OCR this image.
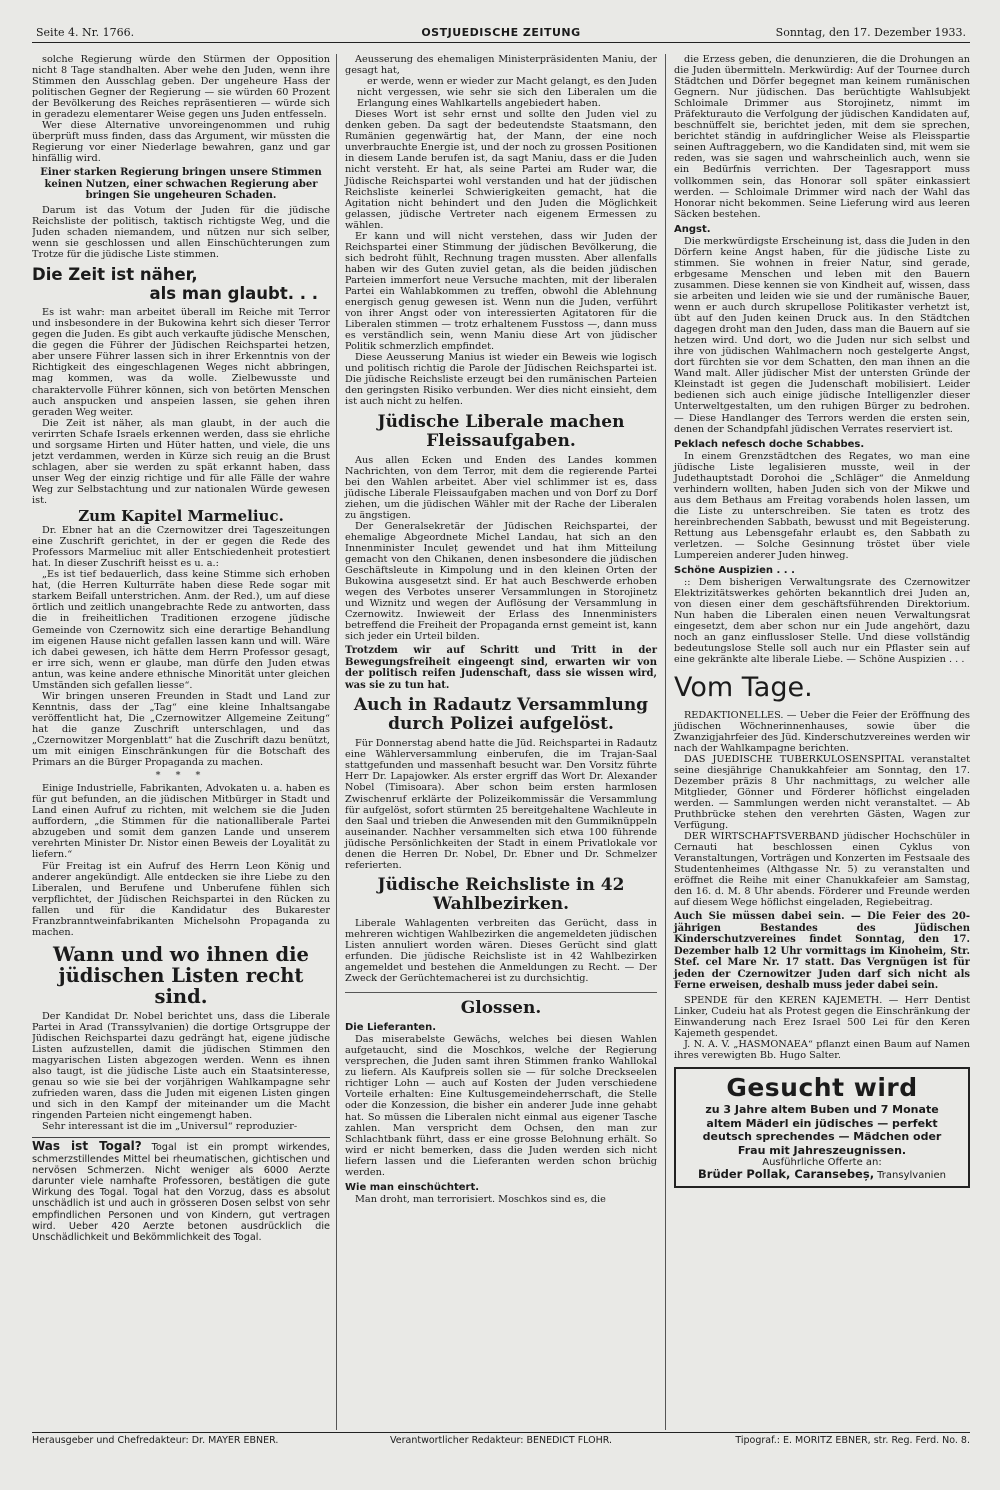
Seite 4. Nr. 1766.	OSTJUEDISCHE ZEITUNG	Sonntag, den 17. Dezember 1933.

solche Regierung würde den Stürmen der Opposition nicht 8 Tage standhalten. Aber wehe den Juden, wenn ihre Stimmen den Ausschlag geben. Der ungeheure Hass der politischen Gegner der Regierung — sie würden 60 Prozent der Bevölkerung des Reiches repräsentieren — würde sich in geradezu elementarer Weise gegen uns Juden entfesseln.

Wer diese Alternative unvoreingenommen und ruhig überprüft muss finden, dass das Argument, wir müssten die Regierung vor einer Niederlage bewahren, ganz und gar hinfällig wird.

Einer starken Regierung bringen unsere Stimmen keinen Nutzen, einer schwachen Regierung aber bringen Sie ungeheuren Schaden.

Darum ist das Votum der Juden für die jüdische Reichsliste der politisch, taktisch richtigste Weg, und die Juden schaden niemandem, und nützen nur sich selber, wenn sie geschlossen und allen Einschüchterungen zum Trotze für die jüdische Liste stimmen.

Die Zeit ist näher,
als man glaubt. . .

Es ist wahr: man arbeitet überall im Reiche mit Terror und insbesondere in der Bukowina kehrt sich dieser Terror gegen die Juden. Es gibt auch verkaufte jüdische Menschen, die gegen die Führer der Jüdischen Reichspartei hetzen, aber unsere Führer lassen sich in ihrer Erkenntnis von der Richtigkeit des eingeschlagenen Weges nicht abbringen, mag kommen, was da wolle. Zielbewusste und charaktervolle Führer können, sich von betörten Menschen auch anspucken und anspeien lassen, sie gehen ihren geraden Weg weiter.

Die Zeit ist näher, als man glaubt, in der auch die verirrten Schafe Israels erkennen werden, dass sie ehrliche und sorgsame Hirten und Hüter hatten, und viele, die uns jetzt verdammen, werden in Kürze sich reuig an die Brust schlagen, aber sie werden zu spät erkannt haben, dass unser Weg der einzig richtige und für alle Fälle der wahre Weg zur Selbstachtung und zur nationalen Würde gewesen ist.

Zum Kapitel Marmeliuc.

Dr. Ebner hat an die Czernowitzer drei Tageszeitungen eine Zuschrift gerichtet, in der er gegen die Rede des Professors Marmeliuc mit aller Entschiedenheit protestiert hat. In dieser Zuschrift heisst es u. a.:

„Es ist tief bedauerlich, dass keine Stimme sich erhoben hat, (die Herren Kulturräte haben diese Rede sogar mit starkem Beifall unterstrichen. Anm. der Red.), um auf diese örtlich und zeitlich unangebrachte Rede zu antworten, dass die in freiheitlichen Traditionen erzogene jüdische Gemeinde von Czernowitz sich eine derartige Behandlung im eigenen Hause nicht gefallen lassen kann und will. Wäre ich dabei gewesen, ich hätte dem Herrn Professor gesagt, er irre sich, wenn er glaube, man dürfe den Juden etwas antun, was keine andere ethnische Minorität unter gleichen Umständen sich gefallen liesse“.

Wir bringen unseren Freunden in Stadt und Land zur Kenntnis, dass der „Tag“ eine kleine Inhaltsangabe veröffentlicht hat, Die „Czernowitzer Allgemeine Zeitung“ hat die ganze Zuschrift unterschlagen, und das „Czernowitzer Morgenblatt“ hat die Zuschrift dazu benützt, um mit einigen Einschränkungen für die Botschaft des Primars an die Bürger Propaganda zu machen.

* * *

Einige Industrielle, Fabrikanten, Advokaten u. a. haben es für gut befunden, an die jüdischen Mitbürger in Stadt und Land einen Aufruf zu richten, mit welchem sie die Juden auffordern, „die Stimmen für die nationalliberale Partei abzugeben und somit dem ganzen Lande und unserem verehrten Minister Dr. Nistor einen Beweis der Loyalität zu liefern.“

Für Freitag ist ein Aufruf des Herrn Leon König und anderer angekündigt. Alle entdecken sie ihre Liebe zu den Liberalen, und Berufene und Unberufene fühlen sich verpflichtet, der Jüdischen Reichspartei in den Rücken zu fallen und für die Kandidatur des Bukarester Franzbranntweinfabrikanten Michelsohn Propaganda zu machen.

Wann und wo ihnen die jüdischen Listen recht sind.

Der Kandidat Dr. Nobel berichtet uns, dass die Liberale Partei in Arad (Transsylvanien) die dortige Ortsgruppe der Jüdischen Reichspartei dazu gedrängt hat, eigene jüdische Listen aufzustellen, damit die jüdischen Stimmen den magyarischen Listen abgezogen werden. Wenn es ihnen also taugt, ist die jüdische Liste auch ein Staatsinteresse, genau so wie sie bei der vorjährigen Wahlkampagne sehr zufrieden waren, dass die Juden mit eigenen Listen gingen und sich in den Kampf der miteinander um die Macht ringenden Parteien nicht eingemengt haben.

Sehr interessant ist die im „Universul“ reproduzier-

Was ist Togal? Togal ist ein prompt wirkendes, schmerzstillendes Mittel bei rheumatischen, gichtischen und nervösen Schmerzen. Nicht weniger als 6000 Aerzte darunter viele namhafte Professoren, bestätigen die gute Wirkung des Togal. Togal hat den Vorzug, dass es absolut unschädlich ist und auch in grösseren Dosen selbst von sehr empfindlichen Personen und von Kindern, gut vertragen wird. Ueber 420 Aerzte betonen ausdrücklich die Unschädlichkeit und Bekömmlichkeit des Togal.

Aeusserung des ehemaligen Ministerpräsidenten Maniu, der gesagt hat,

er werde, wenn er wieder zur Macht gelangt, es den Juden nicht vergessen, wie sehr sie sich den Liberalen um die Erlangung eines Wahlkartells angebiedert haben.

Dieses Wort ist sehr ernst und sollte den Juden viel zu denken geben. Da sagt der bedeutendste Staatsmann, den Rumänien gegenwärtig hat, der Mann, der eine noch unverbrauchte Energie ist, und der noch zu grossen Positionen in diesem Lande berufen ist, da sagt Maniu, dass er die Juden nicht versteht. Er hat, als seine Partei am Ruder war, die Jüdische Reichspartei wohl verstanden und hat der jüdischen Reichsliste keinerlei Schwierigkeiten gemacht, hat die Agitation nicht behindert und den Juden die Möglichkeit gelassen, jüdische Vertreter nach eigenem Ermessen zu wählen.

Er kann und will nicht verstehen, dass wir Juden der Reichspartei einer Stimmung der jüdischen Bevölkerung, die sich bedroht fühlt, Rechnung tragen mussten. Aber allenfalls haben wir des Guten zuviel getan, als die beiden jüdischen Parteien immerfort neue Versuche machten, mit der liberalen Partei ein Wahlabkommen zu treffen, obwohl die Ablehnung energisch genug gewesen ist. Wenn nun die Juden, verführt von ihrer Angst oder von interessierten Agitatoren für die Liberalen stimmen — trotz erhaltenem Fusstoss —, dann muss es verständlich sein, wenn Maniu diese Art von jüdischer Politik schmerzlich empfindet.

Diese Aeusserung Manius ist wieder ein Beweis wie logisch und politisch richtig die Parole der Jüdischen Reichspartei ist. Die jüdische Reichsliste erzeugt bei den rumänischen Parteien den geringsten Risiko verbunden. Wer dies nicht einsieht, dem ist auch nicht zu helfen.

Jüdische Liberale machen Fleissaufgaben.

Aus allen Ecken und Enden des Landes kommen Nachrichten, von dem Terror, mit dem die regierende Partei bei den Wahlen arbeitet. Aber viel schlimmer ist es, dass jüdische Liberale Fleissaufgaben machen und von Dorf zu Dorf ziehen, um die jüdischen Wähler mit der Rache der Liberalen zu ängstigen.

Der Generalsekretär der Jüdischen Reichspartei, der ehemalige Abgeordnete Michel Landau, hat sich an den Innenminister Inculeț gewendet und hat ihm Mitteilung gemacht von den Chikanen, denen insbesondere die jüdischen Geschäftsleute in Kimpolung und in den kleinen Orten der Bukowina ausgesetzt sind. Er hat auch Beschwerde erhoben wegen des Verbotes unserer Versammlungen in Storojinetz und Wiznitz und wegen der Auflösung der Versammlung in Czernowitz. Inwieweit der Erlass des Innenministers betreffend die Freiheit der Propaganda ernst gemeint ist, kann sich jeder ein Urteil bilden.

Trotzdem wir auf Schritt und Tritt in der Bewegungsfreiheit eingeengt sind, erwarten wir von der politisch reifen Judenschaft, dass sie wissen wird, was sie zu tun hat.

Auch in Radautz Versammlung durch Polizei aufgelöst.

Für Donnerstag abend hatte die Jüd. Reichspartei in Radautz eine Wählerversammlung einberufen, die im Trajan-Saal stattgefunden und massenhaft besucht war. Den Vorsitz führte Herr Dr. Lapajowker. Als erster ergriff das Wort Dr. Alexander Nobel (Timisoara). Aber schon beim ersten harmlosen Zwischenruf erklärte der Polizeikommissär die Versammlung für aufgelöst, sofort stürmten 25 bereitgehaltene Wachleute in den Saal und trieben die Anwesenden mit den Gummiknüppeln auseinander. Nachher versammelten sich etwa 100 führende jüdische Persönlichkeiten der Stadt in einem Privatlokale vor denen die Herren Dr. Nobel, Dr. Ebner und Dr. Schmelzer referierten.

Jüdische Reichsliste in 42 Wahlbezirken.

Liberale Wahlagenten verbreiten das Gerücht, dass in mehreren wichtigen Wahlbezirken die angemeldeten jüdischen Listen annuliert worden wären. Dieses Gerücht sind glatt erfunden. Die jüdische Reichsliste ist in 42 Wahlbezirken angemeldet und bestehen die Anmeldungen zu Recht. — Der Zweck der Gerüchtemacherei ist zu durchsichtig.

Glossen.

Die Lieferanten.

Das miserabelste Gewächs, welches bei diesen Wahlen aufgetaucht, sind die Moschkos, welche der Regierung versprechen, die Juden samt ihren Stimmen franko Wahllokal zu liefern. Als Kaufpreis sollen sie — für solche Dreckseelen richtiger Lohn — auch auf Kosten der Juden verschiedene Vorteile erhalten: Eine Kultusgemeindeherrschaft, die Stelle oder die Konzession, die bisher ein anderer Jude inne gehabt hat. So müssen die Liberalen nicht einmal aus eigener Tasche zahlen. Man verspricht dem Ochsen, den man zur Schlachtbank führt, dass er eine grosse Belohnung erhält. So wird er nicht bemerken, dass die Juden werden sich nicht liefern lassen und die Lieferanten werden schon brüchig werden.

Wie man einschüchtert.

Man droht, man terrorisiert. Moschkos sind es, die

die Erzess geben, die denunzieren, die die Drohungen an die Juden übermitteln. Merkwürdig: Auf der Tournee durch Städtchen und Dörfer begegnet man keinem rumänischen Gegnern. Nur jüdischen. Das berüchtigte Wahlsubjekt Schloimale Drimmer aus Storojinetz, nimmt im Präfekturauto die Verfolgung der jüdischen Kandidaten auf, beschnüffelt sie, berichtet jeden, mit dem sie sprechen, berichtet ständig in aufdringlicher Weise als Fleisspartie seinen Auftraggebern, wo die Kandidaten sind, mit wem sie reden, was sie sagen und wahrscheinlich auch, wenn sie ein Bedürfnis verrichten. Der Tagesrapport muss vollkommen sein, das Honorar soll später einkassiert werden. — Schloimale Drimmer wird nach der Wahl das Honorar nicht bekommen. Seine Lieferung wird aus leeren Säcken bestehen.

Angst.

Die merkwürdigste Erscheinung ist, dass die Juden in den Dörfern keine Angst haben, für die jüdische Liste zu stimmen. Sie wohnen in freier Natur, sind gerade, erbgesame Menschen und leben mit den Bauern zusammen. Diese kennen sie von Kindheit auf, wissen, dass sie arbeiten und leiden wie sie und der rumänische Bauer, wenn er auch durch skrupellose Politikaster verhetzt ist, übt auf den Juden keinen Druck aus. In den Städtchen dagegen droht man den Juden, dass man die Bauern auf sie hetzen wird. Und dort, wo die Juden nur sich selbst und ihre von jüdischen Wahlmachern noch gestelgerte Angst, dort fürchten sie vor dem Schatten, den man ihnen an die Wand malt. Aller jüdischer Mist der untersten Gründe der Kleinstadt ist gegen die Judenschaft mobilisiert. Leider bedienen sich auch einige jüdische Intelligenzler dieser Unterweltgestalten, um den ruhigen Bürger zu bedrohen. — Diese Handlanger des Terrors werden die ersten sein, denen der Schandpfahl jüdischen Verrates reserviert ist.

Peklach nefesch doche Schabbes.

In einem Grenzstädtchen des Regates, wo man eine jüdische Liste legalisieren musste, weil in der Judethauptstadt Dorohoi die „Schläger“ die Anmeldung verhindern wollten, haben Juden sich von der Mikwe und aus dem Bethaus am Freitag vorabends holen lassen, um die Liste zu unterschreiben. Sie taten es trotz des hereinbrechenden Sabbath, bewusst und mit Begeisterung. Rettung aus Lebensgefahr erlaubt es, den Sabbath zu verletzen. — Solche Gesinnung tröstet über viele Lumpereien anderer Juden hinweg.

Schöne Auspizien . . .

:: Dem bisherigen Verwaltungsrate des Czernowitzer Elektrizitätswerkes gehörten bekanntlich drei Juden an, von diesen einer dem geschäftsführenden Direktorium. Nun haben die Liberalen einen neuen Verwaltungsrat eingesetzt, dem aber schon nur ein Jude angehört, dazu noch an ganz einflussloser Stelle. Und diese vollständig bedeutungslose Stelle soll auch nur ein Pflaster sein auf eine gekränkte alte liberale Liebe. — Schöne Auspizien . . .

Vom Tage.

REDAKTIONELLES. — Ueber die Feier der Eröffnung des jüdischen Wöchnerinnenhauses, sowie über die Zwanzigjahrfeier des Jüd. Kinderschutzvereines werden wir nach der Wahlkampagne berichten.

DAS JUEDISCHE TUBERKULOSENSPITAL veranstaltet seine diesjährige Chanukkahfeier am Sonntag, den 17. Dezember präzis 8 Uhr nachmittags, zu welcher alle Mitglieder, Gönner und Förderer höflichst eingeladen werden. — Sammlungen werden nicht veranstaltet. — Ab Pruthbrücke stehen den verehrten Gästen, Wagen zur Verfügung.

DER WIRTSCHAFTSVERBAND jüdischer Hochschüler in Cernauti hat beschlossen einen Cyklus von Veranstaltungen, Vorträgen und Konzerten im Festsaale des Studentenheimes (Althgasse Nr. 5) zu veranstalten und eröffnet die Reihe mit einer Chanukkafeier am Samstag, den 16. d. M. 8 Uhr abends. Förderer und Freunde werden auf diesem Wege höflichst eingeladen, Regiebeitrag.

Auch Sie müssen dabei sein. — Die Feier des 20-jährigen Bestandes des Jüdischen Kinderschutzvereines findet Sonntag, den 17. Dezember halb 12 Uhr vormittags im Kinoheim, Str. Stef. cel Mare Nr. 17 statt. Das Vergnügen ist für jeden der Czernowitzer Juden darf sich nicht als Ferne erweisen, deshalb muss jeder dabei sein.

SPENDE für den KEREN KAJEMETH. — Herr Dentist Linker, Cudeiu hat als Protest gegen die Einschränkung der Einwanderung nach Erez Israel 500 Lei für den Keren Kajemeth gespendet.

J. N. A. V. „HASMONAEA“ pflanzt einen Baum auf Namen ihres verewigten Bb. Hugo Salter.

Gesucht wird
zu 3 Jahre altem Buben und 7 Monate
altem Mäderl ein jüdisches — perfekt
deutsch sprechendes — Mädchen oder
Frau mit Jahreszeugnissen.
Ausführliche Offerte an:
Brüder Pollak, Caransebeș, Transylvanien
Herausgeber und Chefredakteur: Dr. MAYER EBNER.	Verantwortlicher Redakteur: BENEDICT FLOHR.	Tipograf.: E. MORITZ EBNER, str. Reg. Ferd. No. 8.
